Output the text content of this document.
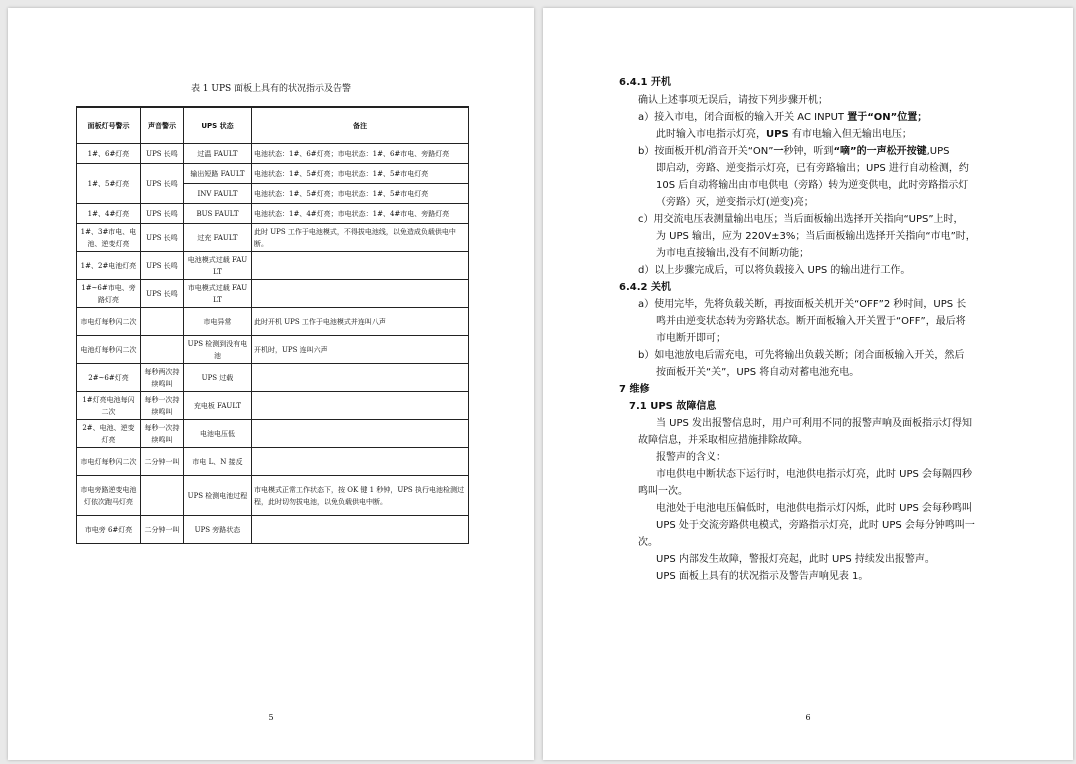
表 1 UPS 面板上具有的状况指示及告警
面板灯号警示	声音警示	UPS 状态	备注
1#、6#灯亮	UPS 长鸣	过温 FAULT	电池状态：1#、6#灯亮；市电状态：1#、6#市电、旁路灯亮
1#、5#灯亮	UPS 长鸣	输出短路 FAULT	电池状态：1#、5#灯亮；市电状态：1#、5#市电灯亮
		INV FAULT	电池状态：1#、5#灯亮；市电状态：1#、5#市电灯亮
1#、4#灯亮	UPS 长鸣	BUS FAULT	电池状态：1#、4#灯亮；市电状态：1#、4#市电、旁路灯亮
1#、3#市电、电池、逆变灯亮	UPS 长鸣	过充 FAULT	此时 UPS 工作于电池模式，不得拔电池线，以免造成负载供电中断。
1#、2#电池灯亮	UPS 长鸣	电池模式过载 FAULT	
1#~6#市电、旁路灯亮	UPS 长鸣	市电模式过载 FAULT	
市电灯每秒闪二次		市电异常	此时开机 UPS 工作于电池模式并连叫八声
电池灯每秒闪二次		UPS 检测到没有电池	开机时，UPS 连叫六声
2#~6#灯亮	每秒两次持续鸣叫	UPS 过载	
1#灯亮电池每闪二次	每秒一次持续鸣叫	充电板 FAULT	
2#、电池、逆变灯亮	每秒一次持续鸣叫	电池电压低	
市电灯每秒闪二次	二分钟一叫	市电 L、N 接反	
市电旁路逆变电池灯依次跑马灯亮		UPS 检测电池过程	市电模式正常工作状态下，按 OK 键 1 秒钟，UPS 执行电池检测过程，此时切勿拔电池，以免负载供电中断。
市电旁 6#灯亮	二分钟一叫	UPS 旁路状态	
5
6.4.1 开机
确认上述事项无误后，请按下列步骤开机；
a）接入市电，闭合面板的输入开关 AC INPUT 置于“ON”位置；
此时输入市电指示灯亮，UPS 有市电输入但无输出电压；
b）按面板开机/消音开关“ON”一秒钟，听到“嘀”的一声松开按键,UPS
即启动，旁路、逆变指示灯亮，已有旁路输出；UPS 进行自动检测，约
10S 后自动将输出由市电供电（旁路）转为逆变供电，此时旁路指示灯
（旁路）灭，逆变指示灯(逆变)亮；
c）用交流电压表测量输出电压；当后面板输出选择开关指向“UPS”上时，
为 UPS 输出，应为 220V±3%；当后面板输出选择开关指向“市电”时，
为市电直接输出,没有不间断功能；
d）以上步骤完成后，可以将负载接入 UPS 的输出进行工作。
6.4.2 关机
a）使用完毕，先将负载关断，再按面板关机开关“OFF”2 秒时间，UPS 长
鸣并由逆变状态转为旁路状态。断开面板输入开关置于“OFF”，最后将
市电断开即可；
b）如电池放电后需充电，可先将输出负载关断；闭合面板输入开关，然后
按面板开关“关”，UPS 将自动对蓄电池充电。
7 维修
7.1 UPS 故障信息
当 UPS 发出报警信息时，用户可利用不同的报警声响及面板指示灯得知
故障信息，并采取相应措施排除故障。
报警声的含义：
市电供电中断状态下运行时，电池供电指示灯亮，此时 UPS 会每隔四秒
鸣叫一次。
电池处于电池电压偏低时，电池供电指示灯闪烁，此时 UPS 会每秒鸣叫
UPS 处于交流旁路供电模式，旁路指示灯亮，此时 UPS 会每分钟鸣叫一
次。
UPS 内部发生故障，警报灯亮起，此时 UPS 持续发出报警声。
UPS 面板上具有的状况指示及警告声响见表 1。
6
